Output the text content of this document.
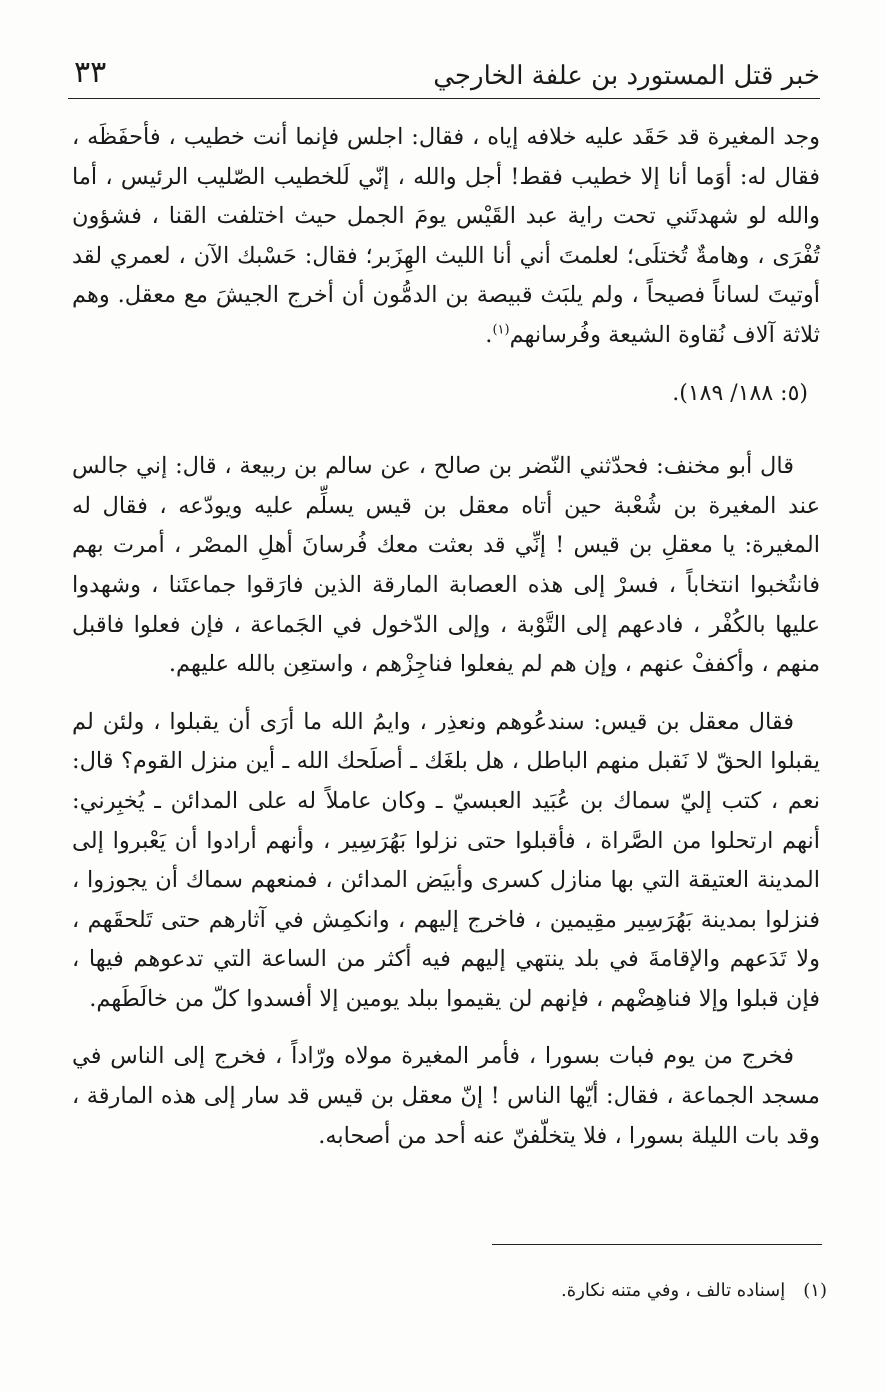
خبر قتل المستورد بن علفة الخارجي
٣٣

وجد المغيرة قد حَقَد عليه خلافه إياه ، فقال: اجلس فإنما أنت خطيب ، فأحفَظَه ، فقال له: أوَما أنا إلا خطيب فقط! أجل والله ، إنّي لَلخطيب الصّليب الرئيس ، أما والله لو شهدتَني تحت راية عبد القَيْس يومَ الجمل حيث اختلفت القنا ، فشؤون تُفْرَى ، وهامةٌ تُختلَى؛ لعلمتَ أني أنا الليث الهِزَبر؛ فقال: حَسْبك الآن ، لعمري لقد أوتيتَ لساناً فصيحاً ، ولم يلبَث قبيصة بن الدمُّون أن أخرج الجيشَ مع معقل. وهم ثلاثة آلاف نُقاوة الشيعة وفُرسانهم$^{(١)}$.

(٥: ١٨٨/ ١٨٩).

قال أبو مخنف: فحدّثني النّضر بن صالح ، عن سالم بن ربيعة ، قال: إني جالس عند المغيرة بن شُعْبة حين أتاه معقل بن قيس يسلِّم عليه ويودّعه ، فقال له المغيرة: يا معقلِ بن قيس ! إنِّي قد بعثت معك فُرسانَ أهلِ المصْر ، أمرت بهم فانتُخبوا انتخاباً ، فسرْ إلى هذه العصابة المارقة الذين فارَقوا جماعتَنا ، وشهدوا عليها بالكُفْر ، فادعهم إلى التَّوْبة ، وإلى الدّخول في الجَماعة ، فإن فعلوا فاقبل منهم ، وأكففْ عنهم ، وإن هم لم يفعلوا فناجِزْهم ، واستعِن بالله عليهم.

فقال معقل بن قيس: سندعُوهم ونعذِر ، وايمُ الله ما أرَى أن يقبلوا ، ولئن لم يقبلوا الحقّ لا نَقبل منهم الباطل ، هل بلغَك ـ أصلَحك الله ـ أين منزل القوم؟ قال: نعم ، كتب إليّ سماك بن عُبَيد العبسيّ ـ وكان عاملاً له على المدائن ـ يُخبِرني: أنهم ارتحلوا من الصَّراة ، فأقبلوا حتى نزلوا بَهُرَسِير ، وأنهم أرادوا أن يَعْبروا إلى المدينة العتيقة التي بها منازل كسرى وأبيَض المدائن ، فمنعهم سماك أن يجوزوا ، فنزلوا بمدينة بَهُرَسِير مقِيمين ، فاخرج إليهم ، وانكمِش في آثارهم حتى تَلحقَهم ، ولا تَدَعهم والإقامةَ في بلد ينتهي إليهم فيه أكثر من الساعة التي تدعوهم فيها ، فإن قبلوا وإلا فناهِضْهم ، فإنهم لن يقيموا ببلد يومين إلا أفسدوا كلّ من خالَطَهم.

فخرج من يوم فبات بسورا ، فأمر المغيرة مولاه ورّاداً ، فخرج إلى الناس في مسجد الجماعة ، فقال: أيّها الناس ! إنّ معقل بن قيس قد سار إلى هذه المارقة ، وقد بات الليلة بسورا ، فلا يتخلّفنّ عنه أحد من أصحابه.

(١)إسناده تالف ، وفي متنه نكارة.
